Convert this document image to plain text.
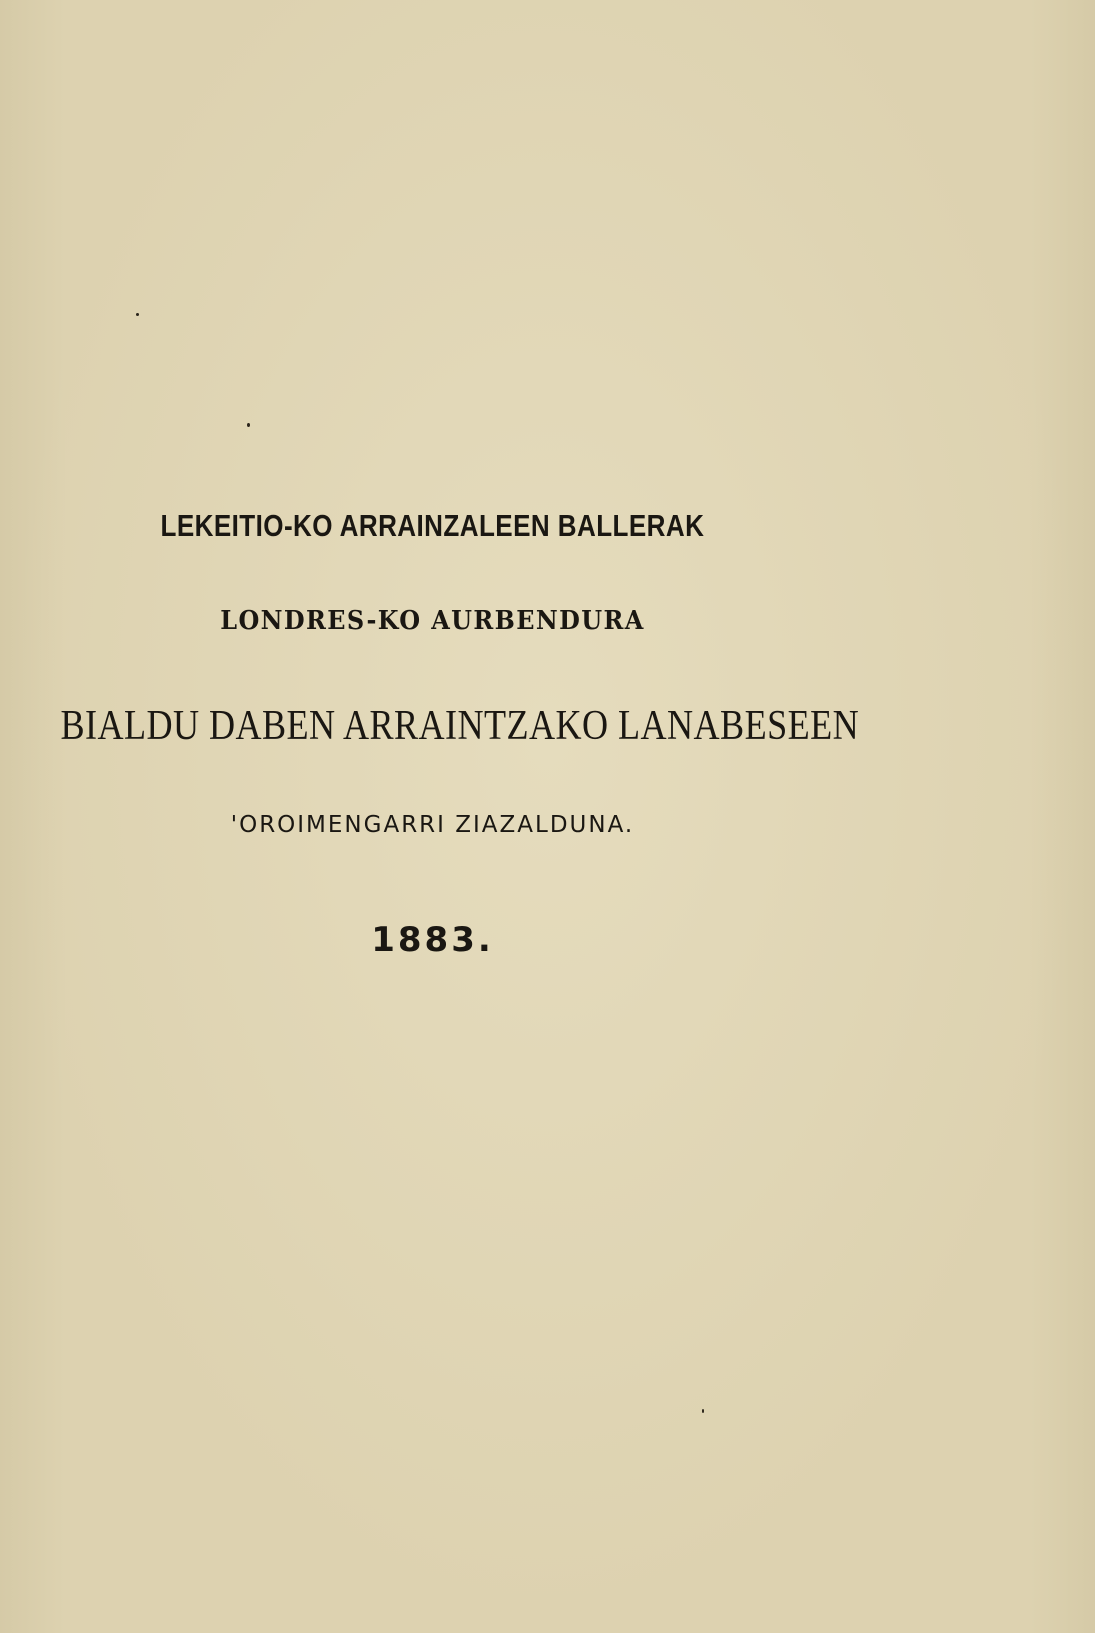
LEKEITIO-KO ARRAINZALEEN BALLERAK
LONDRES-KO AURBENDURA
BIALDU DABEN ARRAINTZAKO LANABESEEN
'OROIMENGARRI ZIAZALDUNA.
1883.
